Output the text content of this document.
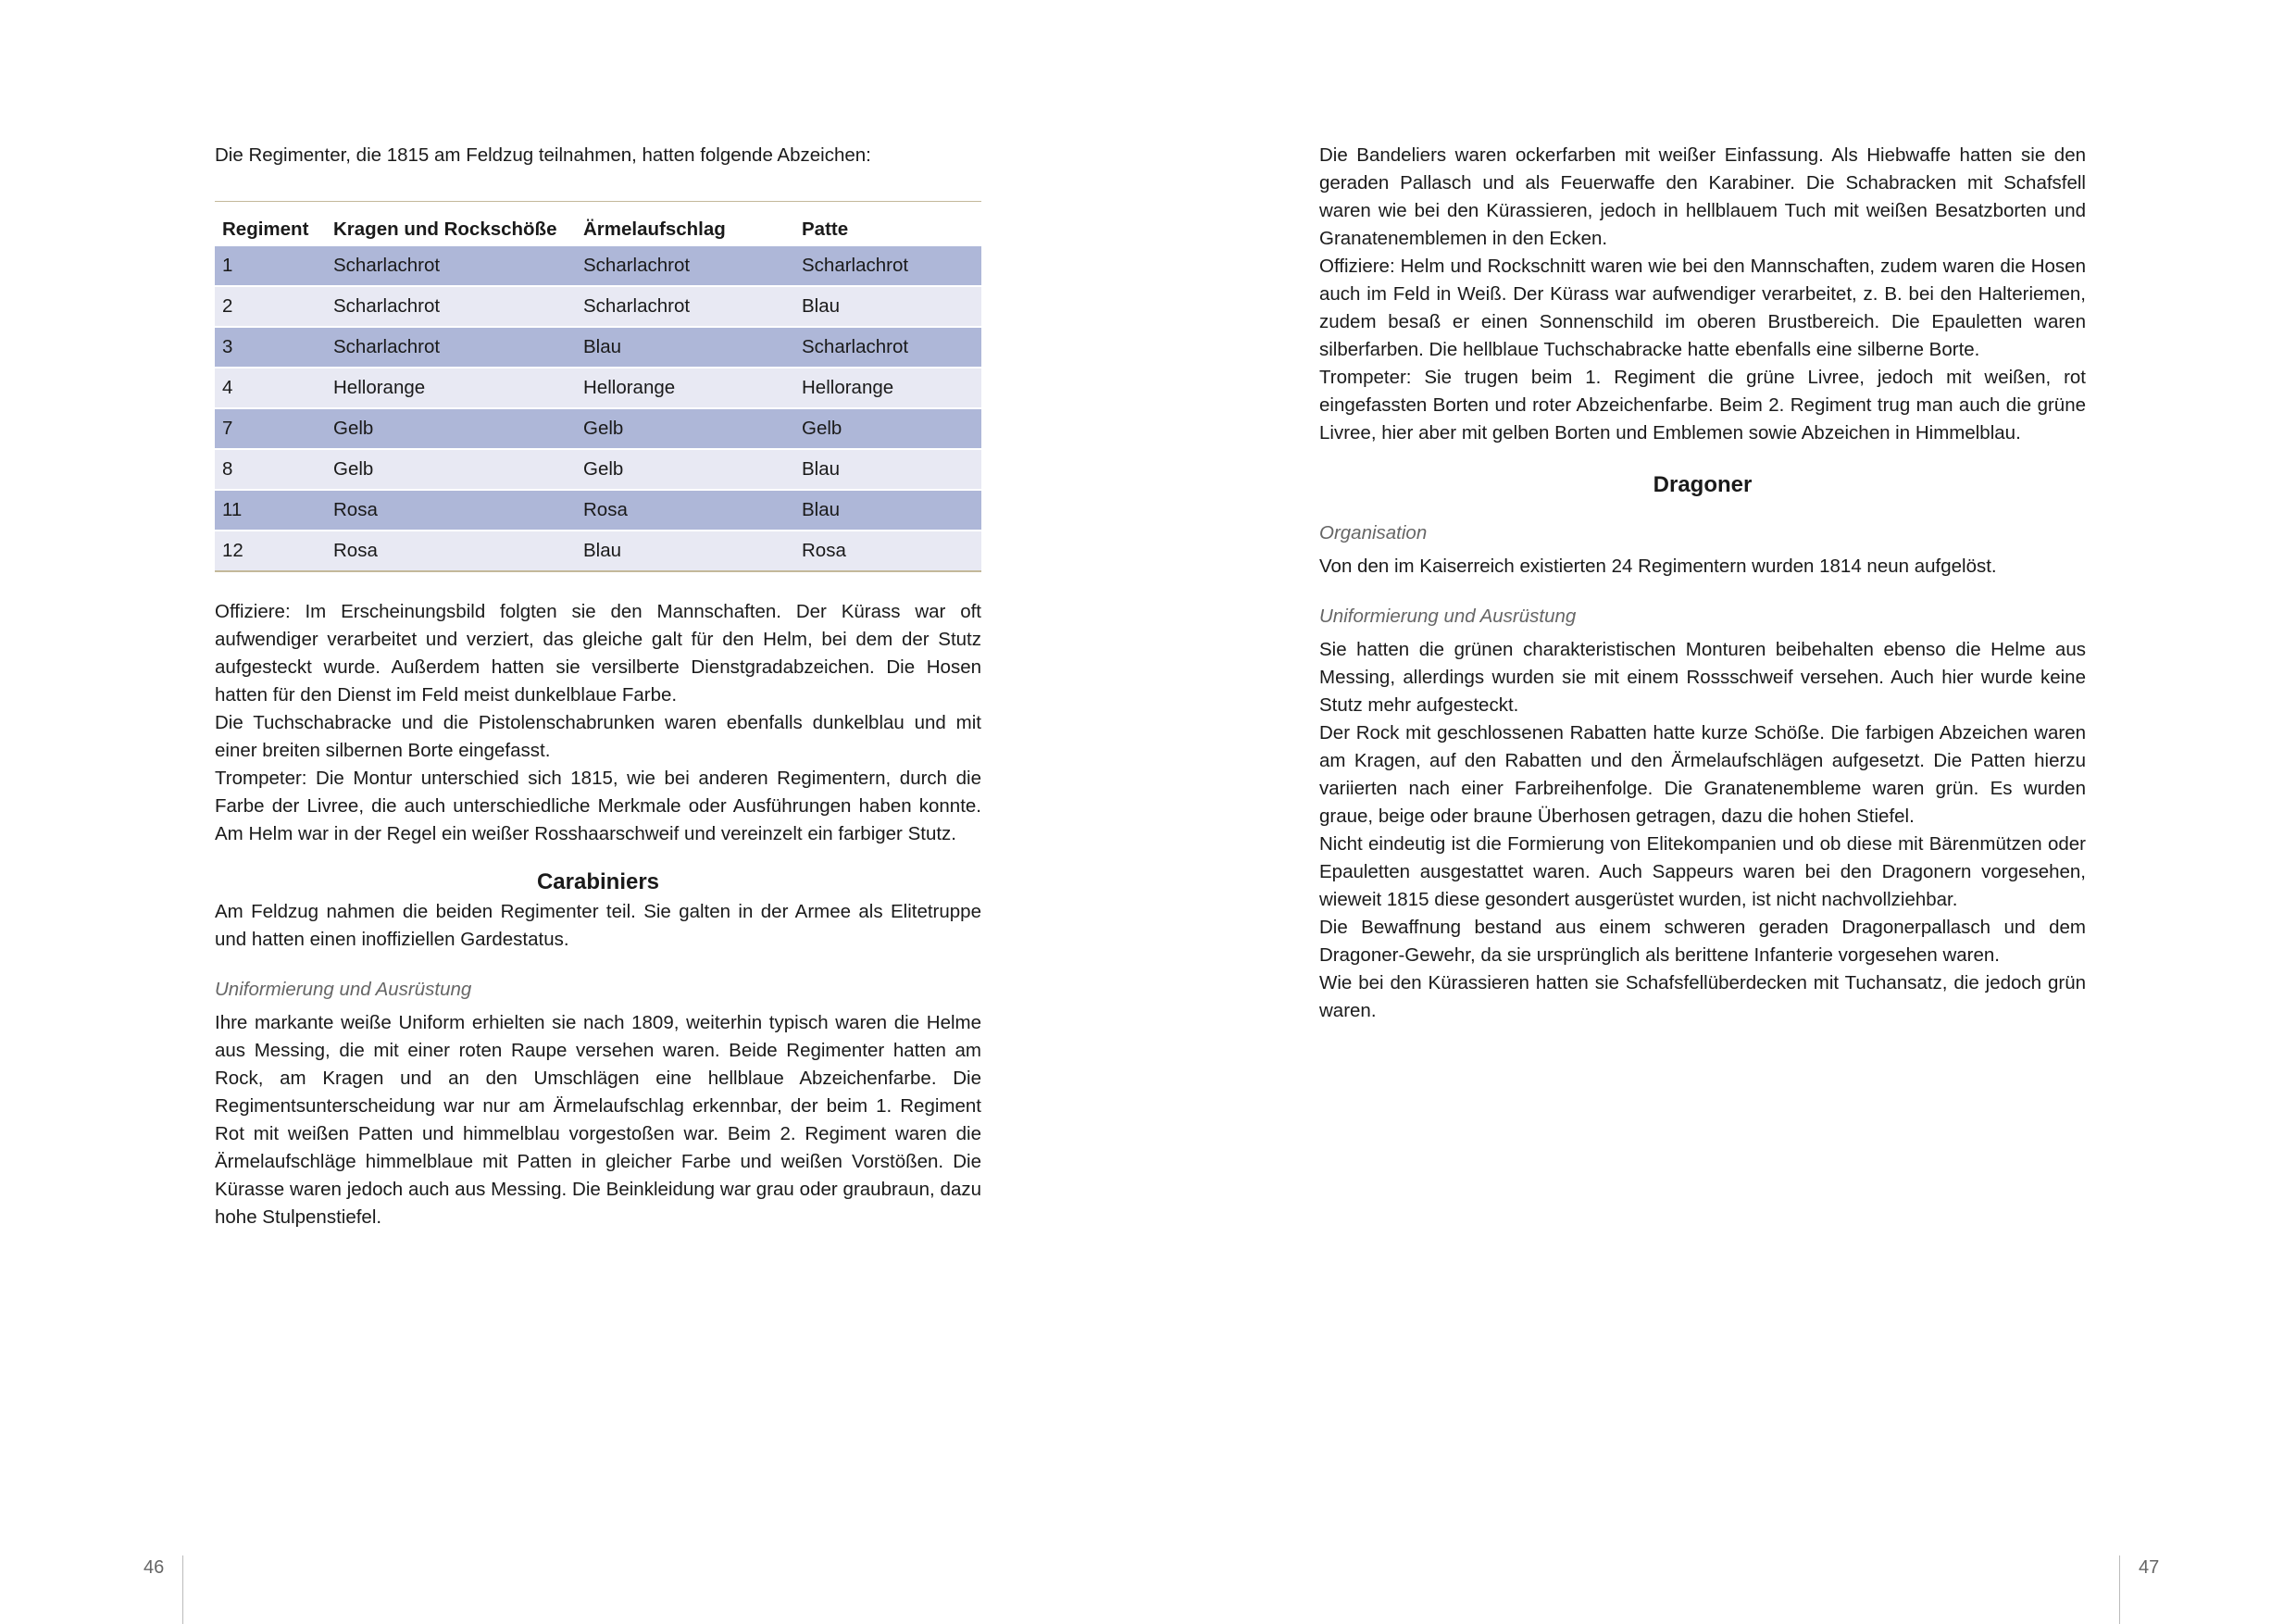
Die Regimenter, die 1815 am Feldzug teilnahmen, hatten folgende Abzeichen:

Regiment	Kragen und Rockschöße	Ärmelaufschlag	Patte
1	Scharlachrot	Scharlachrot	Scharlachrot
2	Scharlachrot	Scharlachrot	Blau
3	Scharlachrot	Blau	Scharlachrot
4	Hellorange	Hellorange	Hellorange
7	Gelb	Gelb	Gelb
8	Gelb	Gelb	Blau
11	Rosa	Rosa	Blau
12	Rosa	Blau	Rosa

Offiziere: Im Erscheinungsbild folgten sie den Mannschaften. Der Kürass war oft aufwendiger verarbeitet und verziert, das gleiche galt für den Helm, bei dem der Stutz aufgesteckt wurde. Außerdem hatten sie versilberte Dienstgradabzeichen. Die Hosen hatten für den Dienst im Feld meist dunkelblaue Farbe.

Die Tuchschabracke und die Pistolenschabrunken waren ebenfalls dunkelblau und mit einer breiten silbernen Borte eingefasst.

Trompeter: Die Montur unterschied sich 1815, wie bei anderen Regimentern, durch die Farbe der Livree, die auch unterschiedliche Merkmale oder Ausführungen haben konnte. Am Helm war in der Regel ein weißer Rosshaarschweif und vereinzelt ein farbiger Stutz.

Carabiniers

Am Feldzug nahmen die beiden Regimenter teil. Sie galten in der Armee als Elitetruppe und hatten einen inoffiziellen Gardestatus.

Uniformierung und Ausrüstung

Ihre markante weiße Uniform erhielten sie nach 1809, weiterhin typisch waren die Helme aus Messing, die mit einer roten Raupe versehen waren. Beide Regimenter hatten am Rock, am Kragen und an den Umschlägen eine hellblaue Abzeichenfarbe. Die Regimentsunterscheidung war nur am Ärmelaufschlag erkennbar, der beim 1. Regiment Rot mit weißen Patten und himmelblau vorgestoßen war. Beim 2. Regiment waren die Ärmelaufschläge himmelblaue mit Patten in gleicher Farbe und weißen Vorstößen. Die Kürasse waren jedoch auch aus Messing. Die Beinkleidung war grau oder graubraun, dazu hohe Stulpenstiefel.

46

Die Bandeliers waren ockerfarben mit weißer Einfassung. Als Hiebwaffe hatten sie den geraden Pallasch und als Feuerwaffe den Karabiner. Die Schabracken mit Schafsfell waren wie bei den Kürassieren, jedoch in hellblauem Tuch mit weißen Besatzborten und Granatenemblemen in den Ecken.

Offiziere: Helm und Rockschnitt waren wie bei den Mannschaften, zudem waren die Hosen auch im Feld in Weiß. Der Kürass war aufwendiger verarbeitet, z. B. bei den Halteriemen, zudem besaß er einen Sonnenschild im oberen Brustbereich. Die Epauletten waren silberfarben. Die hellblaue Tuchschabracke hatte ebenfalls eine silberne Borte.

Trompeter: Sie trugen beim 1. Regiment die grüne Livree, jedoch mit weißen, rot eingefassten Borten und roter Abzeichenfarbe. Beim 2. Regiment trug man auch die grüne Livree, hier aber mit gelben Borten und Emblemen sowie Abzeichen in Himmelblau.

Dragoner
Organisation

Von den im Kaiserreich existierten 24 Regimentern wurden 1814 neun aufgelöst.

Uniformierung und Ausrüstung

Sie hatten die grünen charakteristischen Monturen beibehalten ebenso die Helme aus Messing, allerdings wurden sie mit einem Rossschweif versehen. Auch hier wurde keine Stutz mehr aufgesteckt.

Der Rock mit geschlossenen Rabatten hatte kurze Schöße. Die farbigen Abzeichen waren am Kragen, auf den Rabatten und den Ärmelaufschlägen aufgesetzt. Die Patten hierzu variierten nach einer Farbreihenfolge. Die Granatenembleme waren grün. Es wurden graue, beige oder braune Überhosen getragen, dazu die hohen Stiefel.

Nicht eindeutig ist die Formierung von Elitekompanien und ob diese mit Bärenmützen oder Epauletten ausgestattet waren. Auch Sappeurs waren bei den Dragonern vorgesehen, wieweit 1815 diese gesondert ausgerüstet wurden, ist nicht nachvollziehbar.

Die Bewaffnung bestand aus einem schweren geraden Dragonerpallasch und dem Dragoner-Gewehr, da sie ursprünglich als berittene Infanterie vorgesehen waren.

Wie bei den Kürassieren hatten sie Schafsfellüberdecken mit Tuchansatz, die jedoch grün waren.

47
